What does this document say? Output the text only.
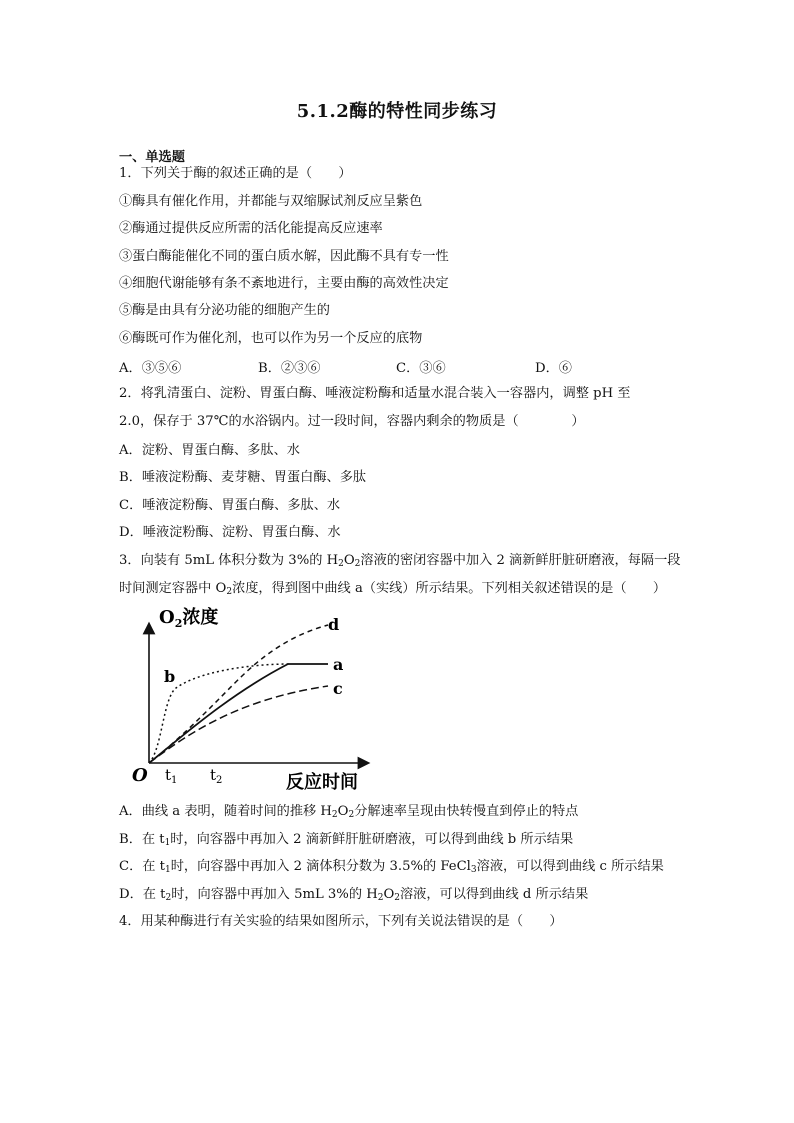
5.1.2酶的特性同步练习
一、单选题
1．下列关于酶的叙述正确的是（　　）
①酶具有催化作用，并都能与双缩脲试剂反应呈紫色
②酶通过提供反应所需的活化能提高反应速率
③蛋白酶能催化不同的蛋白质水解，因此酶不具有专一性
④细胞代谢能够有条不紊地进行，主要由酶的高效性决定
⑤酶是由具有分泌功能的细胞产生的
⑥酶既可作为催化剂，也可以作为另一个反应的底物
A．③⑤⑥	B．②③⑥	C．③⑥	D．⑥
2．将乳清蛋白、淀粉、胃蛋白酶、唾液淀粉酶和适量水混合装入一容器内，调整 pH 至
2.0，保存于 37℃的水浴锅内。过一段时间，容器内剩余的物质是（　　　　）
A．淀粉、胃蛋白酶、多肽、水
B．唾液淀粉酶、麦芽糖、胃蛋白酶、多肽
C．唾液淀粉酶、胃蛋白酶、多肽、水
D．唾液淀粉酶、淀粉、胃蛋白酶、水
3．向装有 5mL 体积分数为 3%的 $H_2O_2$溶液的密闭容器中加入 2 滴新鲜肝脏研磨液，每隔一段
时间测定容器中 $O_2$浓度，得到图中曲线 a（实线）所示结果。下列相关叙述错误的是（　　）
$O_2$浓度	d
a
b
c
O $t_1$ $t_2$	反应时间
A．曲线 a 表明，随着时间的推移 $H_2O_2$分解速率呈现由快转慢直到停止的特点
B．在 $t_1$时，向容器中再加入 2 滴新鲜肝脏研磨液，可以得到曲线 b 所示结果
C．在 $t_1$时，向容器中再加入 2 滴体积分数为 3.5%的 FeCl$_3$溶液，可以得到曲线 c 所示结果
D．在 $t_2$时，向容器中再加入 5mL 3%的 $H_2O_2$溶液，可以得到曲线 d 所示结果
4．用某种酶进行有关实验的结果如图所示，下列有关说法错误的是（　　）
